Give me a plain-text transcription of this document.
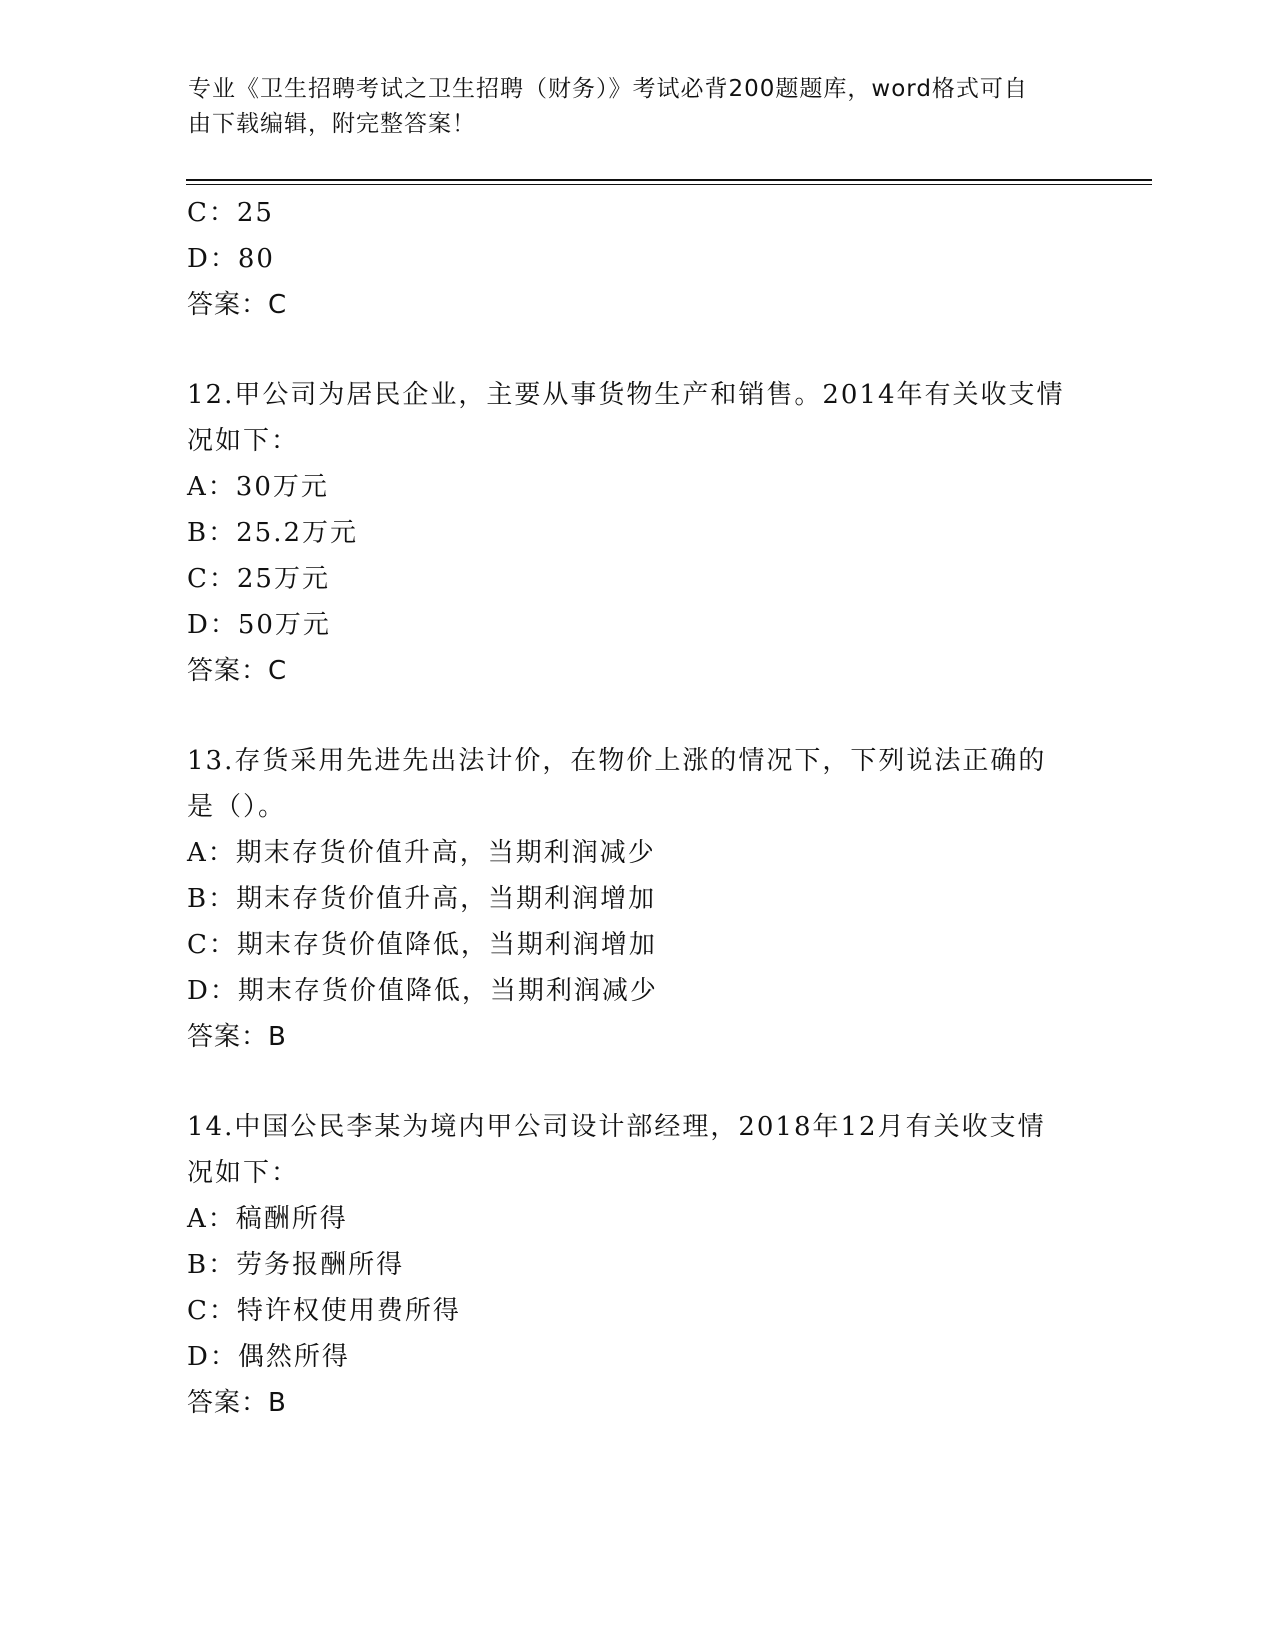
专业《卫生招聘考试之卫生招聘（财务）》考试必背200题题库，word格式可自
由下载编辑，附完整答案！

C：25

D：80

答案：C

12.甲公司为居民企业，主要从事货物生产和销售。2014年有关收支情

况如下：

A：30万元

B：25.2万元

C：25万元

D：50万元

答案：C

13.存货采用先进先出法计价，在物价上涨的情况下，下列说法正确的

是（）。

A：期末存货价值升高，当期利润减少

B：期末存货价值升高，当期利润增加

C：期末存货价值降低，当期利润增加

D：期末存货价值降低，当期利润减少

答案：B

14.中国公民李某为境内甲公司设计部经理，2018年12月有关收支情

况如下：

A：稿酬所得

B：劳务报酬所得

C：特许权使用费所得

D：偶然所得

答案：B
